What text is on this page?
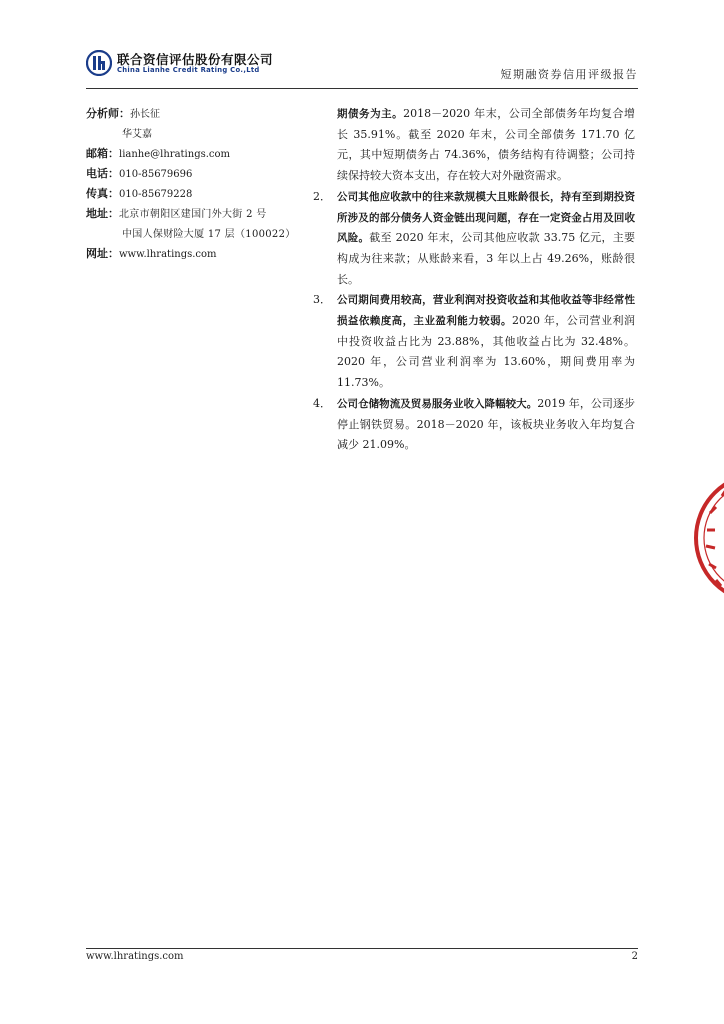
联合资信评估股份有限公司
China Lianhe Credit Rating Co.,Ltd	短期融资券信用评级报告
分析师：孙长征
华艾嘉
邮箱：lianhe@lhratings.com
电话：010-85679696
传真：010-85679228
地址：北京市朝阳区建国门外大街 2 号
中国人保财险大厦 17 层（100022）
网址：www.lhratings.com
期债务为主。2018－2020 年末，公司全部债务年均复合增长 35.91%。截至 2020 年末，公司全部债务 171.70 亿元，其中短期债务占 74.36%，债务结构有待调整；公司持续保持较大资本支出，存在较大对外融资需求。
2． 公司其他应收款中的往来款规模大且账龄很长，持有至到期投资所涉及的部分债务人资金链出现问题，存在一定资金占用及回收风险。截至 2020 年末，公司其他应收款 33.75 亿元，主要构成为往来款；从账龄来看，3 年以上占 49.26%，账龄很长。
3． 公司期间费用较高，营业利润对投资收益和其他收益等非经常性损益依赖度高，主业盈利能力较弱。2020 年，公司营业利润中投资收益占比为 23.88%，其他收益占比为 32.48%。2020 年，公司营业利润率为 13.60%，期间费用率为 11.73%。
4． 公司仓储物流及贸易服务业收入降幅较大。2019 年，公司逐步停止钢铁贸易。2018－2020 年，该板块业务收入年均复合减少 21.09%。
www.lhratings.com	2
